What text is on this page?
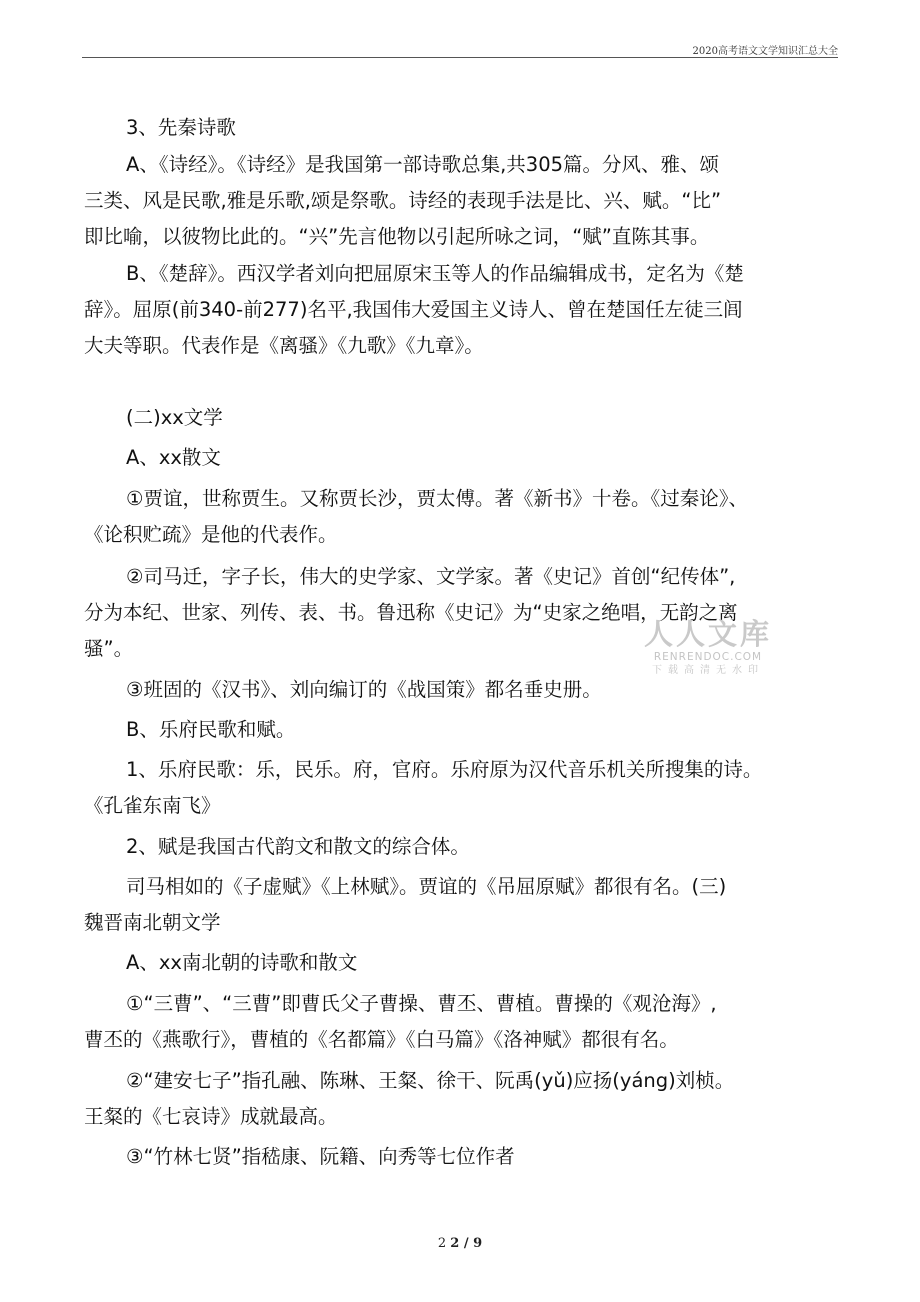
2020高考语文文学知识汇总大全
3、先秦诗歌
A、《诗经》。《诗经》是我国第一部诗歌总集,共305篇。分风、雅、颂
三类、风是民歌,雅是乐歌,颂是祭歌。诗经的表现手法是比、兴、赋。“比”
即比喻，以彼物比此的。“兴”先言他物以引起所咏之词，“赋”直陈其事。
B、《楚辞》。西汉学者刘向把屈原宋玉等人的作品编辑成书，定名为《楚
辞》。屈原(前340-前277)名平,我国伟大爱国主义诗人、曾在楚国任左徒三闾
大夫等职。代表作是《离骚》《九歌》《九章》。
(二)xx文学
A、xx散文
①贾谊，世称贾生。又称贾长沙，贾太傅。著《新书》十卷。《过秦论》、
《论积贮疏》是他的代表作。
②司马迁，字子长，伟大的史学家、文学家。著《史记》首创“纪传体”,
分为本纪、世家、列传、表、书。鲁迅称《史记》为“史家之绝唱，无韵之离
骚”。
③班固的《汉书》、刘向编订的《战国策》都名垂史册。
B、乐府民歌和赋。
1、乐府民歌：乐，民乐。府，官府。乐府原为汉代音乐机关所搜集的诗。
《孔雀东南飞》
2、赋是我国古代韵文和散文的综合体。
司马相如的《子虚赋》《上林赋》。贾谊的《吊屈原赋》都很有名。(三)
魏晋南北朝文学
A、xx南北朝的诗歌和散文
①“三曹”、“三曹”即曹氏父子曹操、曹丕、曹植。曹操的《观沧海》,
曹丕的《燕歌行》，曹植的《名都篇》《白马篇》《洛神赋》都很有名。
②“建安七子”指孔融、陈琳、王粲、徐干、阮禹(yǔ)应扬(yáng)刘桢。
王粲的《七哀诗》成就最高。
③“竹林七贤”指嵇康、阮籍、向秀等七位作者
人人文库
RENRENDOC.COM
下载高清无水印
2 2 / 9
